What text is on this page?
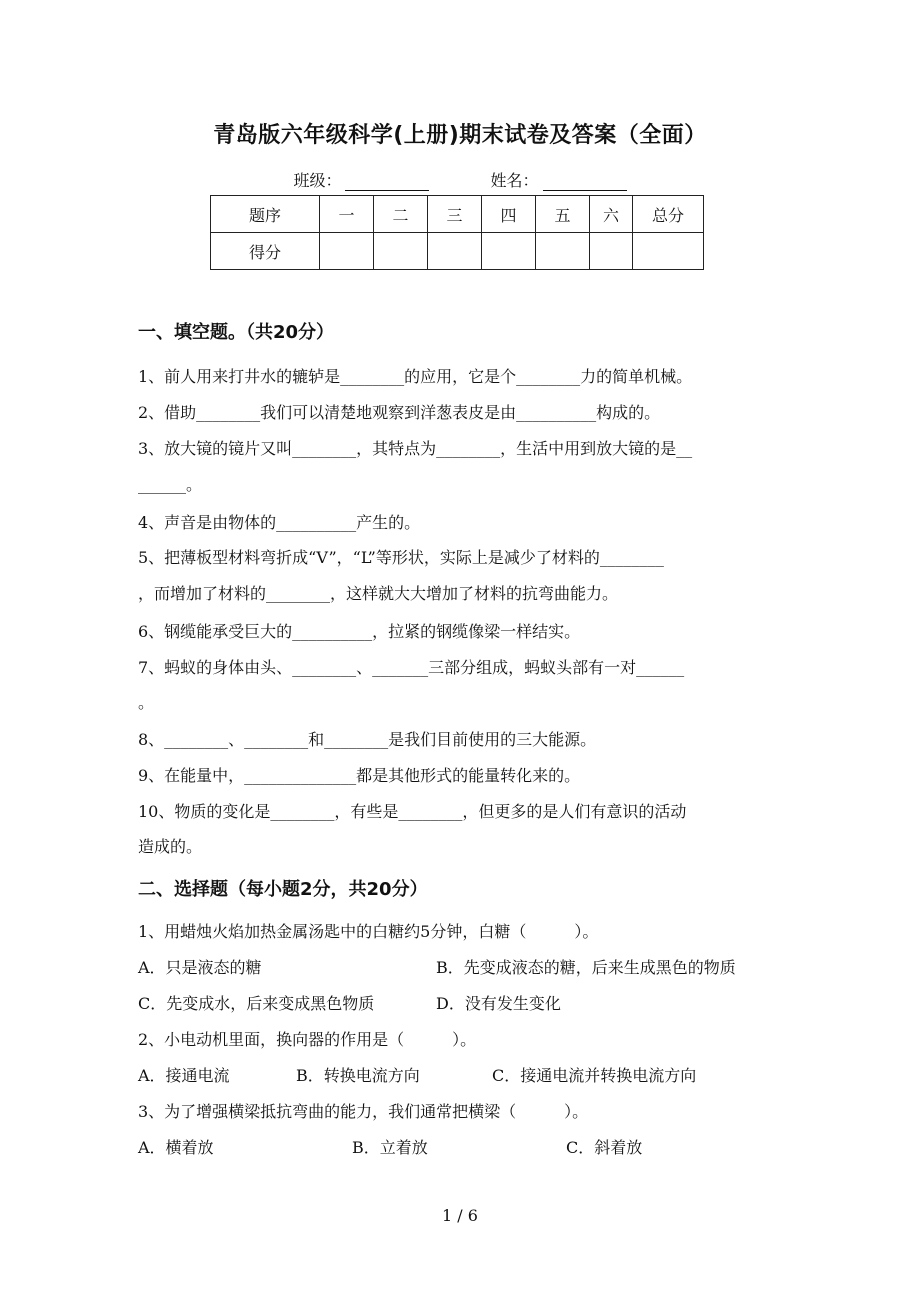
青岛版六年级科学(上册)期末试卷及答案（全面）
班级：	姓名：
题序	一	二	三	四	五	六	总分
得分							
一、填空题。（共20分）
1、前人用来打井水的辘轳是________的应用，它是个________力的简单机械。
2、借助________我们可以清楚地观察到洋葱表皮是由__________构成的。
3、放大镜的镜片又叫________，其特点为________，生活中用到放大镜的是__
______。
4、声音是由物体的__________产生的。
5、把薄板型材料弯折成“V”，“L”等形状，实际上是减少了材料的________
，而增加了材料的________，这样就大大增加了材料的抗弯曲能力。
6、钢缆能承受巨大的__________，拉紧的钢缆像梁一样结实。
7、蚂蚁的身体由头、________、_______三部分组成，蚂蚁头部有一对______
。
8、________、________和________是我们目前使用的三大能源。
9、在能量中，______________都是其他形式的能量转化来的。
10、物质的变化是________，有些是________，但更多的是人们有意识的活动
造成的。
二、选择题（每小题2分，共20分）
1、用蜡烛火焰加热金属汤匙中的白糖约5分钟，白糖（　　　）。
A．只是液态的糖	B．先变成液态的糖，后来生成黑色的物质
C．先变成水，后来变成黑色物质	D．没有发生变化
2、小电动机里面，换向器的作用是（　　　）。
A．接通电流	B．转换电流方向	C．接通电流并转换电流方向
3、为了增强横梁抵抗弯曲的能力，我们通常把横梁（　　　）。
A．横着放	B．立着放	C．斜着放
1 / 6
